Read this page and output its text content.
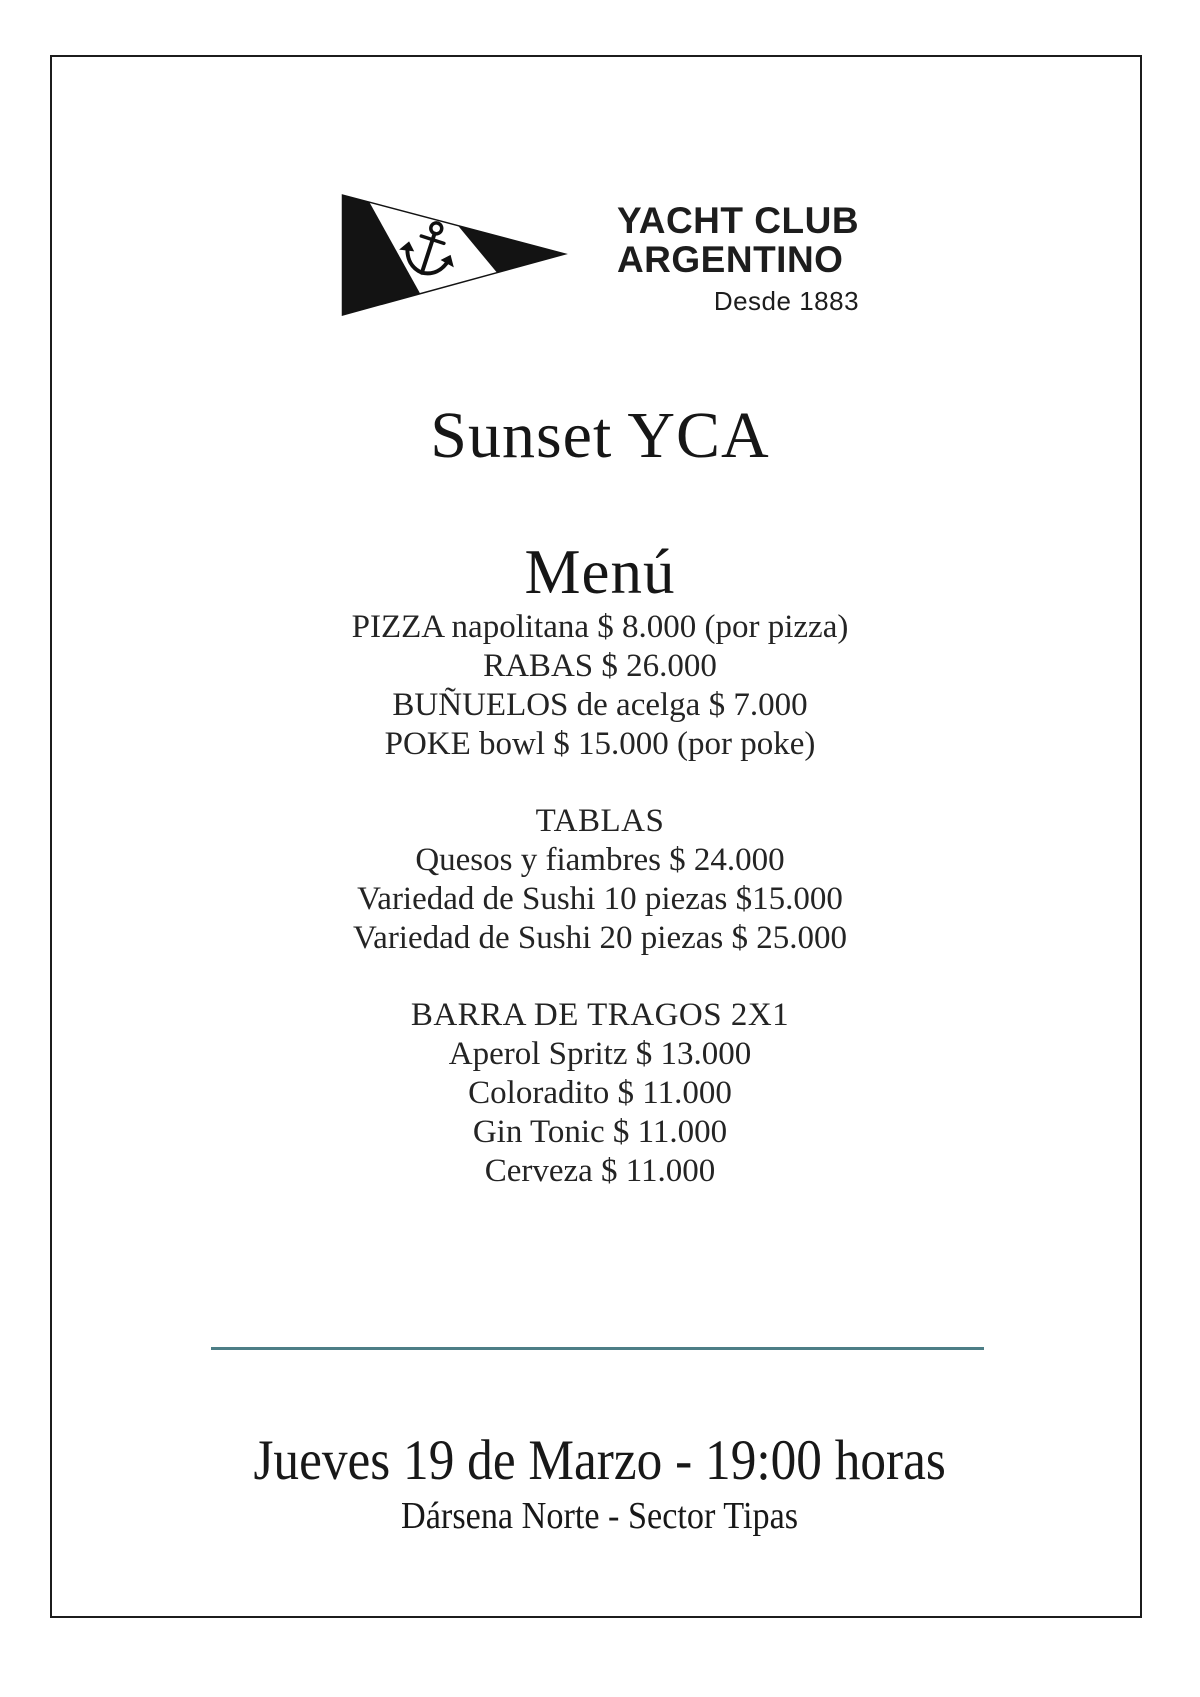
YACHT CLUB
ARGENTINO
Desde 1883
Sunset YCA
Menú
PIZZA napolitana $ 8.000 (por pizza)
RABAS $ 26.000
BUÑUELOS de acelga $ 7.000
POKE bowl $ 15.000 (por poke)
TABLAS
Quesos y fiambres $ 24.000
Variedad de Sushi 10 piezas $15.000
Variedad de Sushi 20 piezas $ 25.000
BARRA DE TRAGOS 2X1
Aperol Spritz $ 13.000
Coloradito $ 11.000
Gin Tonic $ 11.000
Cerveza $ 11.000
Jueves 19 de Marzo - 19:00 horas
Dársena Norte - Sector Tipas
